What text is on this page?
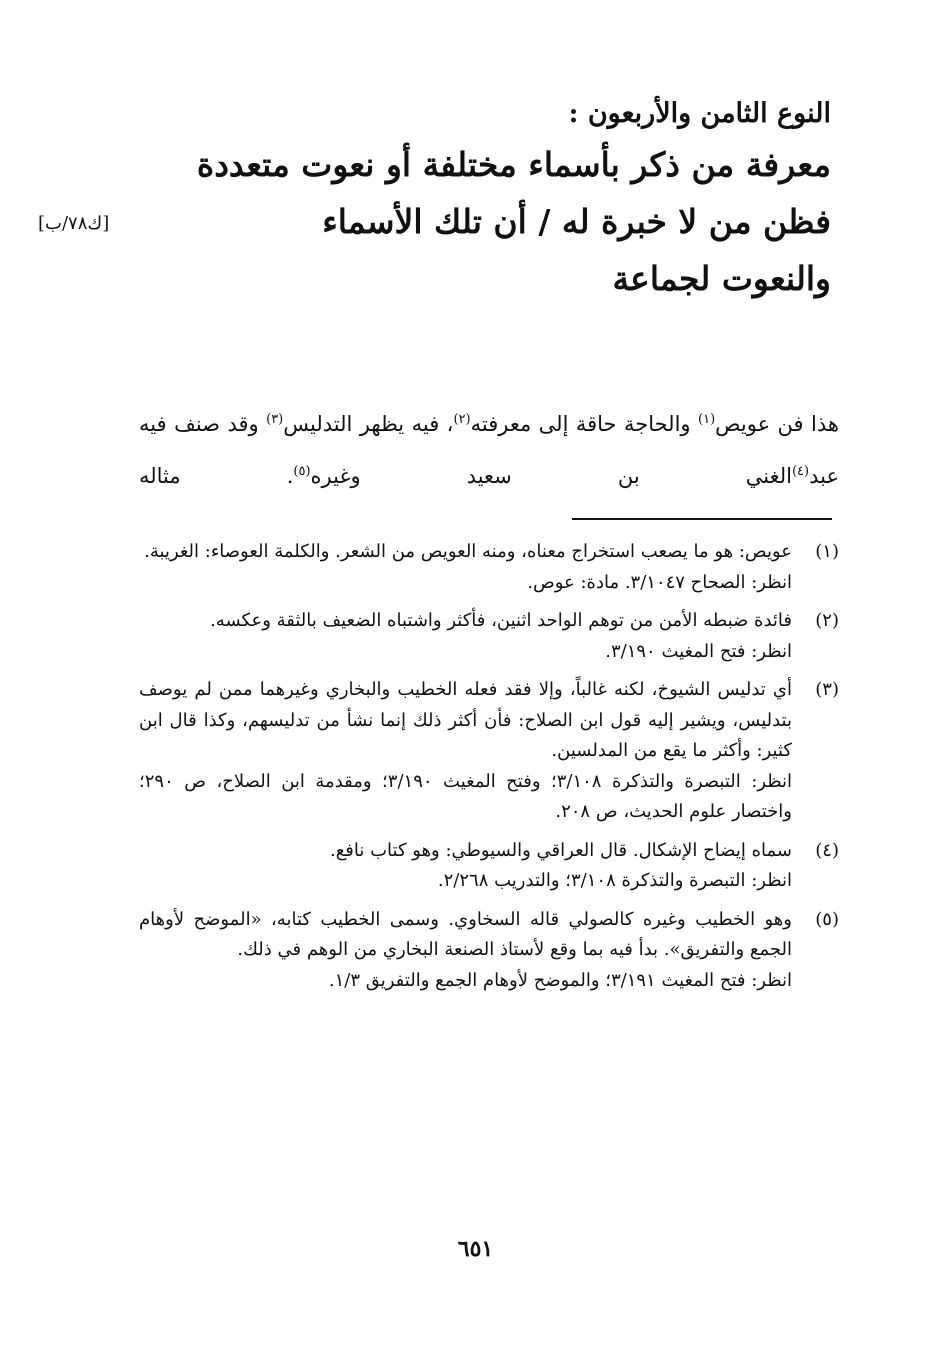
النوع الثامن والأربعون :

معرفة من ذكر بأسماء مختلفة أو نعوت متعددة

فظن من لا خبرة له / أن تلك الأسماء

والنعوت لجماعة

[ك٧٨/ب]
هذا فن عويص$^{(١)}$ والحاجة حاقة إلى معرفته$^{(٢)}$، فيه يظهر التدليس$^{(٣)}$ وقد صنف فيه عبد$^{(٤)}$الغني بن سعيد وغيره$^{(٥)}$. مثاله
(١)
عويص: هو ما يصعب استخراج معناه، ومنه العويص من الشعر. والكلمة العوصاء: الغريبة.
انظر: الصحاح ٣/١٠٤٧. مادة: عوص.
(٢)
فائدة ضبطه الأمن من توهم الواحد اثنين، فأكثر واشتباه الضعيف بالثقة وعكسه.
انظر: فتح المغيث ٣/١٩٠.
(٣)
أي تدليس الشيوخ، لكنه غالباً، وإلا فقد فعله الخطيب والبخاري وغيرهما ممن لم يوصف بتدليس، ويشير إليه قول ابن الصلاح: فأن أكثر ذلك إنما نشأ من تدليسهم، وكذا قال ابن كثير: وأكثر ما يقع من المدلسين.
انظر: التبصرة والتذكرة ٣/١٠٨؛ وفتح المغيث ٣/١٩٠؛ ومقدمة ابن الصلاح، ص ٢٩٠؛ واختصار علوم الحديث، ص ٢٠٨.
(٤)
سماه إيضاح الإشكال. قال العراقي والسيوطي: وهو كتاب نافع.
انظر: التبصرة والتذكرة ٣/١٠٨؛ والتدريب ٢/٢٦٨.
(٥)
وهو الخطيب وغيره كالصولي قاله السخاوي. وسمى الخطيب كتابه، «الموضح لأوهام الجمع والتفريق». بدأ فيه بما وقع لأستاذ الصنعة البخاري من الوهم في ذلك.
انظر: فتح المغيث ٣/١٩١؛ والموضح لأوهام الجمع والتفريق ١/٣.
٦٥١
